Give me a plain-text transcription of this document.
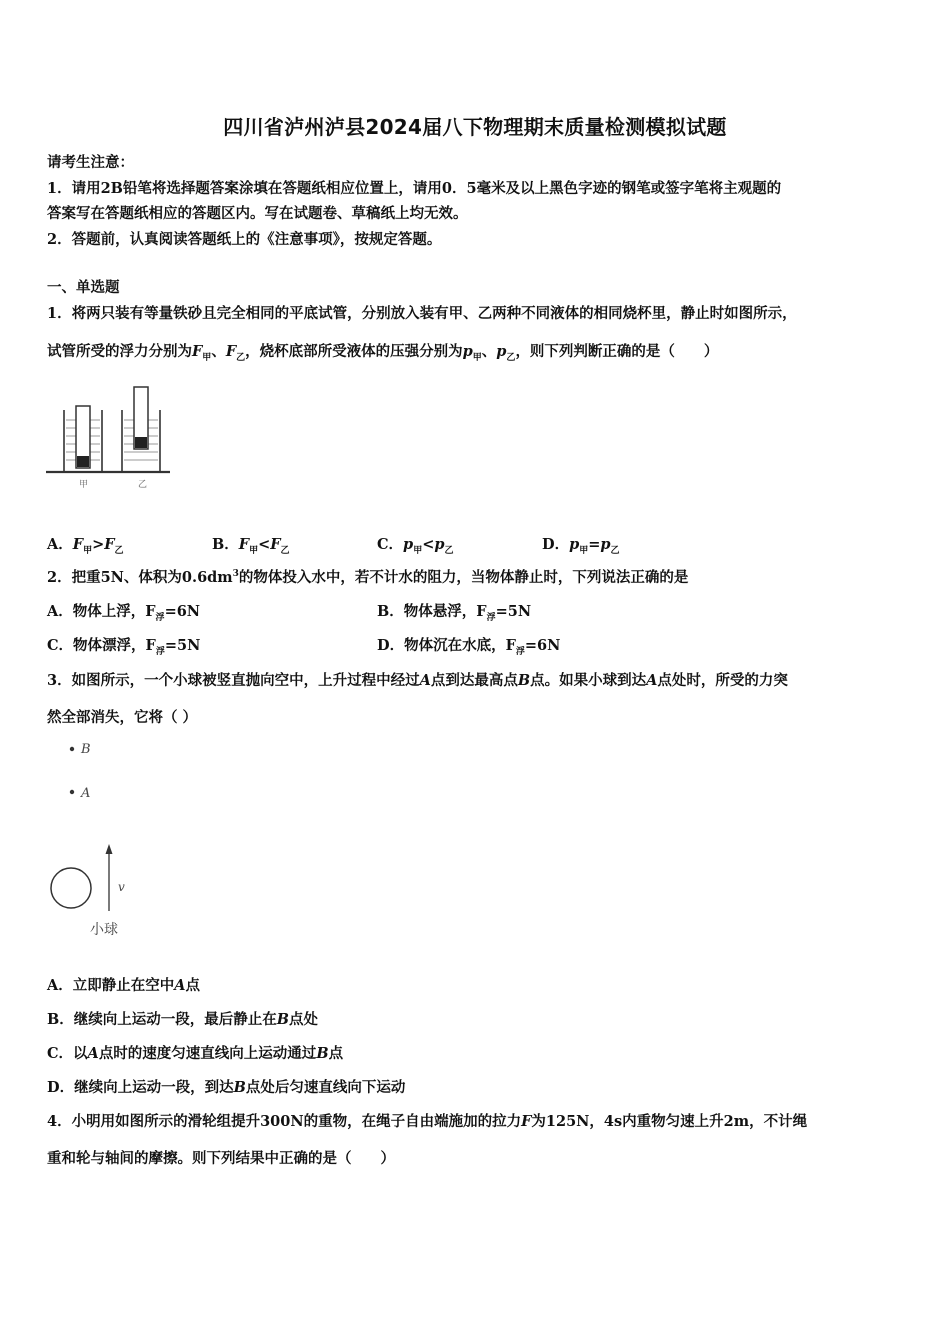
四川省泸州泸县2024届八下物理期末质量检测模拟试题
请考生注意：
1．请用2B铅笔将选择题答案涂填在答题纸相应位置上，请用0．5毫米及以上黑色字迹的钢笔或签字笔将主观题的
答案写在答题纸相应的答题区内。写在试题卷、草稿纸上均无效。
2．答题前，认真阅读答题纸上的《注意事项》，按规定答题。
一、单选题
1．将两只装有等量铁砂且完全相同的平底试管，分别放入装有甲、乙两种不同液体的相同烧杯里，静止时如图所示，
试管所受的浮力分别为$F_甲$、$F_乙$，烧杯底部所受液体的压强分别为$p_甲$、$p_乙$，则下列判断正确的是（　　）
甲	乙
A．$F_甲>F_乙$	B．$F_甲<F_乙$	C．$p_甲<p_乙$	D．$p_甲=p_乙$
2．把重5N、体积为$0.6dm^3$的物体投入水中，若不计水的阻力，当物体静止时，下列说法正确的是
A．物体上浮，$F_浮=6N$	B．物体悬浮，$F_浮=5N$
C．物体漂浮，$F_浮=5N$	D．物体沉在水底，$F_浮=6N$
3．如图所示，一个小球被竖直抛向空中，上升过程中经过A点到达最高点B点。如果小球到达A点处时，所受的力突
然全部消失，它将（ ）
B
A
v
小球
A．立即静止在空中A点
B．继续向上运动一段，最后静止在B点处
C．以A点时的速度匀速直线向上运动通过B点
D．继续向上运动一段，到达B点处后匀速直线向下运动
4．小明用如图所示的滑轮组提升300N的重物，在绳子自由端施加的拉力F为125N，4s内重物匀速上升2m，不计绳
重和轮与轴间的摩擦。则下列结果中正确的是（　　）
